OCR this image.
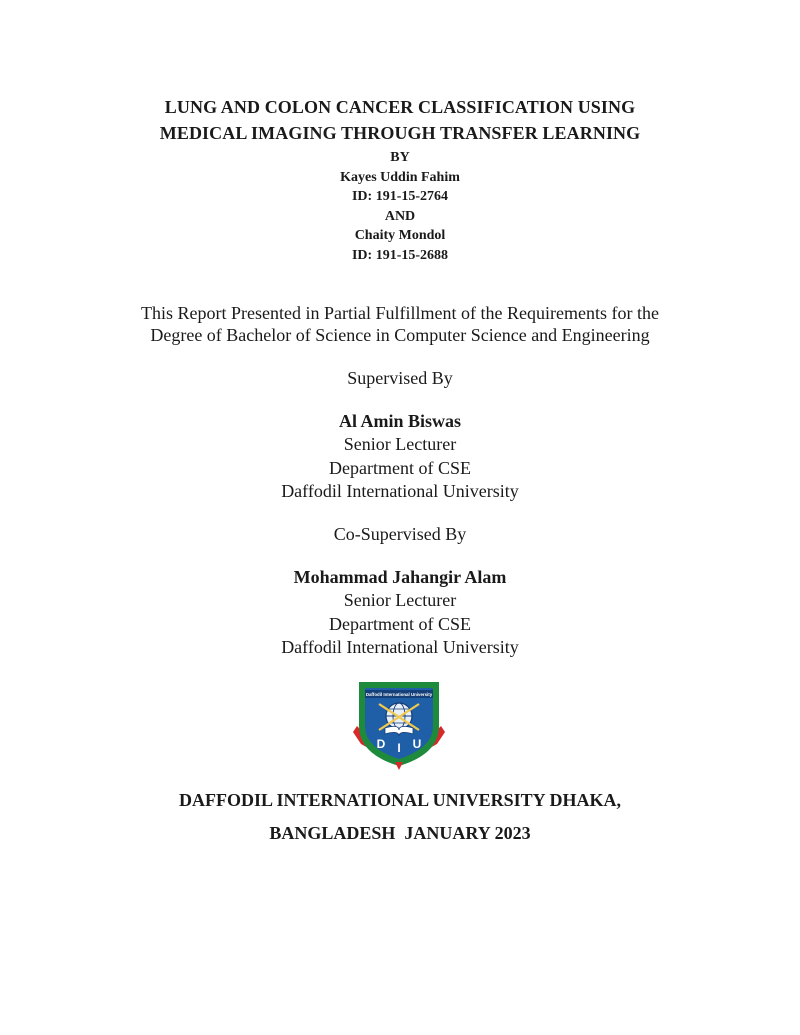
LUNG AND COLON CANCER CLASSIFICATION USING
MEDICAL IMAGING THROUGH TRANSFER LEARNING
BY
Kayes Uddin Fahim
ID: 191-15-2764
AND
Chaity Mondol
ID: 191-15-2688
This Report Presented in Partial Fulfillment of the Requirements for the
Degree of Bachelor of Science in Computer Science and Engineering
Supervised By
Al Amin Biswas
Senior Lecturer
Department of CSE
Daffodil International University
Co-Supervised By
Mohammad Jahangir Alam
Senior Lecturer
Department of CSE
Daffodil International University
Daffodil International University
D I U
DAFFODIL INTERNATIONAL UNIVERSITY DHAKA,
BANGLADESH  JANUARY 2023
